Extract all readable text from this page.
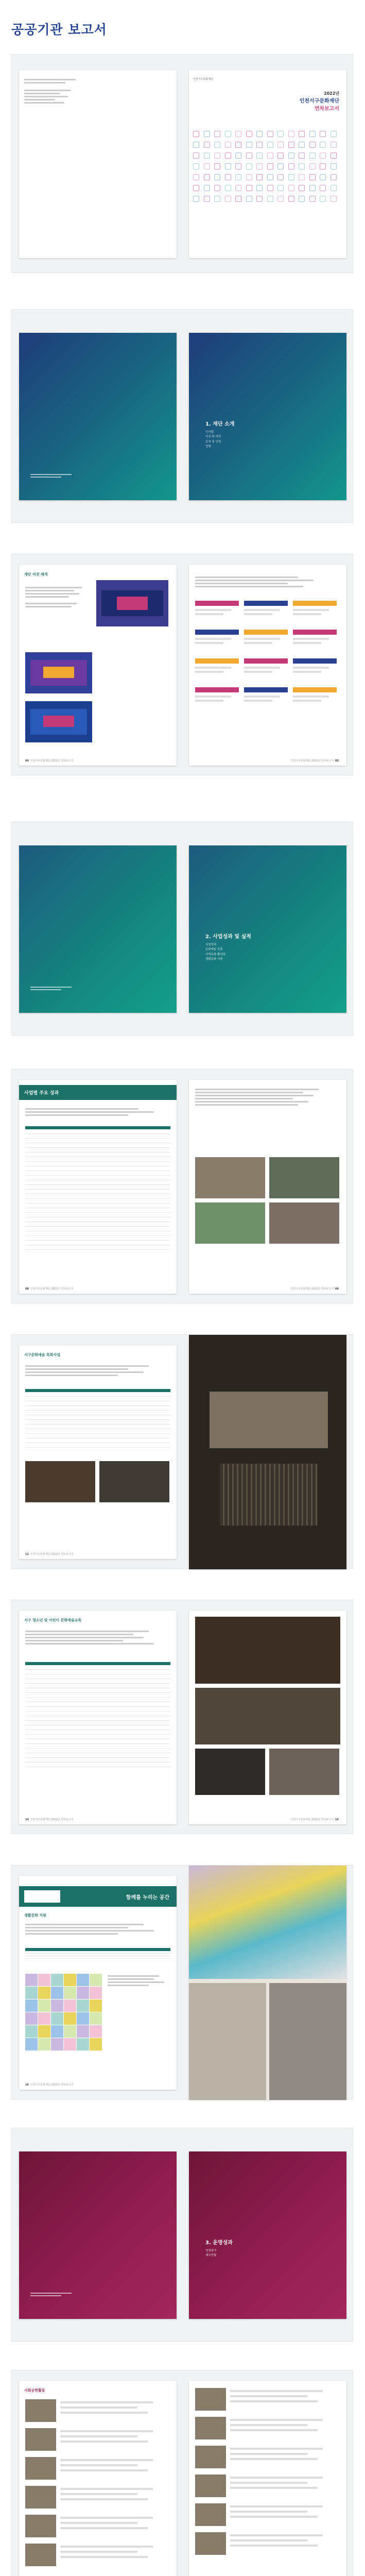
공공기관 보고서
인천서구문화재단
2022년
인천서구문화재단
연차보고서
1. 재단 소개
인사말
미션 및 비전
조직 및 인력
연혁
재단 비전 체계
04 인천서구문화재단 2022년 연차보고서	인천서구문화재단 2022년 연차보고서 05
2. 사업성과 및 실적
사업성과
문화예술 진흥
지역문화 활성화
생활문화 지원
사업별 주요 성과
08 인천서구문화재단 2022년 연차보고서	인천서구문화재단 2022년 연차보고서 09
서구문화예술 특화사업
12 인천서구문화재단 2022년 연차보고서
서구 청소년 및 어린이 문화예술교육
14 인천서구문화재단 2022년 연차보고서	인천서구문화재단 2022년 연차보고서 15
함께를 누리는 공간
생활문화 지원
16 인천서구문화재단 2022년 연차보고서
3. 운영성과
경영평가
재무현황
사회공헌활동
